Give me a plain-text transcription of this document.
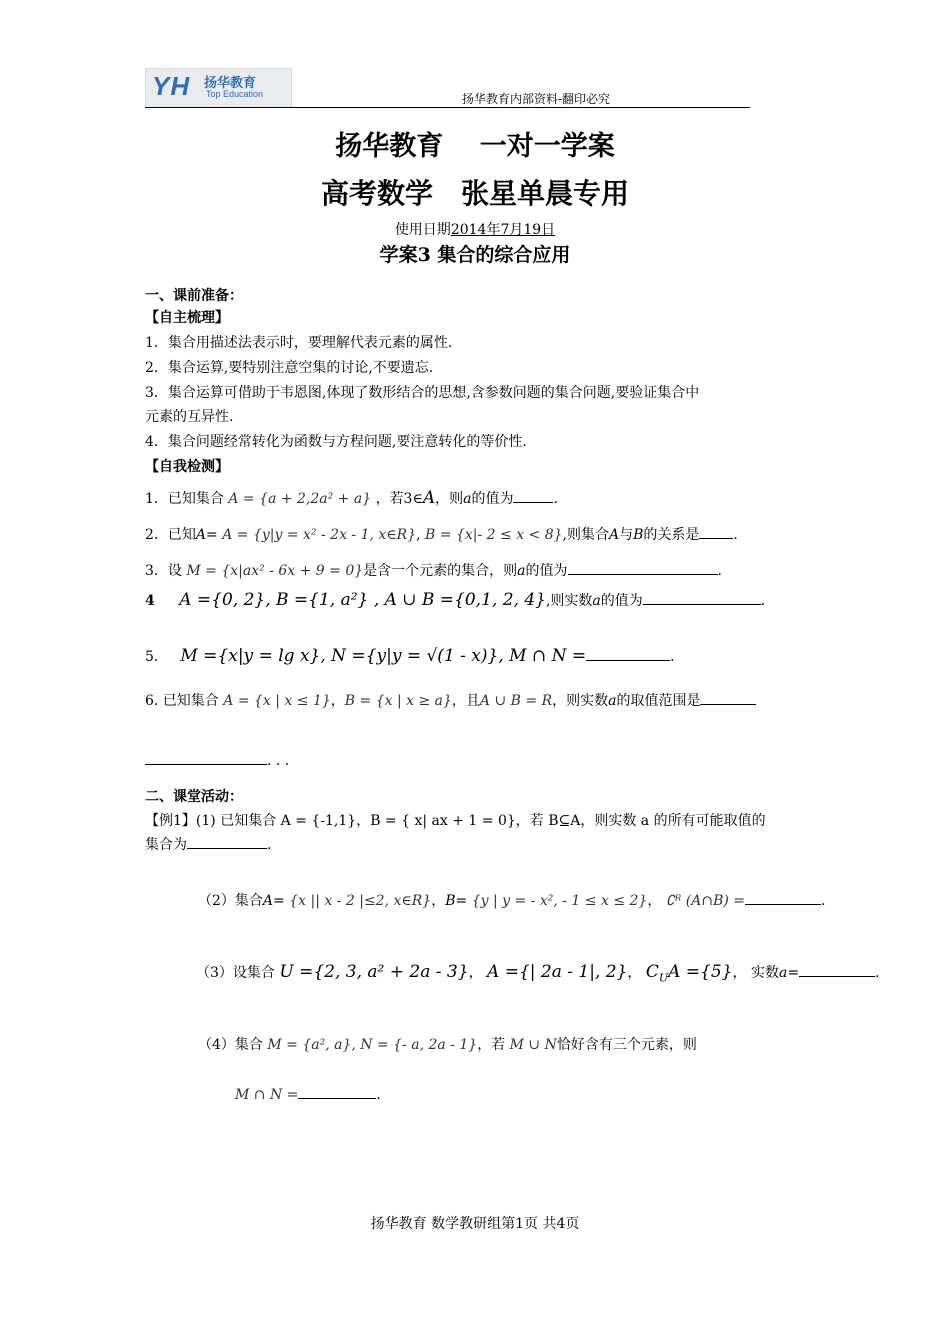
YH 扬华教育
Top Education	扬华教育内部资料-翻印必究
扬华教育　 一对一学案
高考数学　张星单晨专用
使用日期2014年7月19日
学案3 集合的综合应用
一、课前准备：
【自主梳理】
1．集合用描述法表示时，要理解代表元素的属性.
2．集合运算,要特别注意空集的讨论,不要遗忘.
3．集合运算可借助于韦恩图,体现了数形结合的思想,含参数问题的集合问题,要验证集合中
元素的互异性.
4．集合问题经常转化为函数与方程问题,要注意转化的等价性.
【自我检测】
1．已知集合 A = {a + 2,2a² + a} ，若3∈A，则a的值为	.
2．已知A= A = {y|y = x² - 2x - 1, x∈R}, B = {x|- 2 ≤ x < 8},则集合A与B的关系是 .
3．设 M = {x|ax² - 6x + 9 = 0}是含一个元素的集合，则a的值为	.
4 A ={0, 2}, B ={1, a²} , A ∪ B ={0,1, 2, 4},则实数a的值为	.
5． M ={x|y = lg x}, N ={y|y = √(1 - x)}, M ∩ N =	.
6. 已知集合 A = {x | x ≤ 1}，B = {x | x ≥ a}，且A ∪ B = R，则实数a的取值范围是
. . .
二、课堂活动：
【例1】(1) 已知集合 A = {-1,1}，B = { x| ax + 1 = 0}，若 B⊆A，则实数 a 的所有可能取值的
集合为	.
（2）集合A= {x || x - 2 |≤2, x∈R}，B= {y | y = - x², - 1 ≤ x ≤ 2}， ∁ᴿ (A∩B) =	.
（3）设集合 U ={2, 3, a² + 2a - 3}， A ={| 2a - 1|, 2}， $C_UA =\{5\}$， 实数a=	.
（4）集合 M = {a², a}, N = {- a, 2a - 1}，若 M ∪ N恰好含有三个元素，则
M ∩ N =	.
扬华教育 数学教研组第1页 共4页
